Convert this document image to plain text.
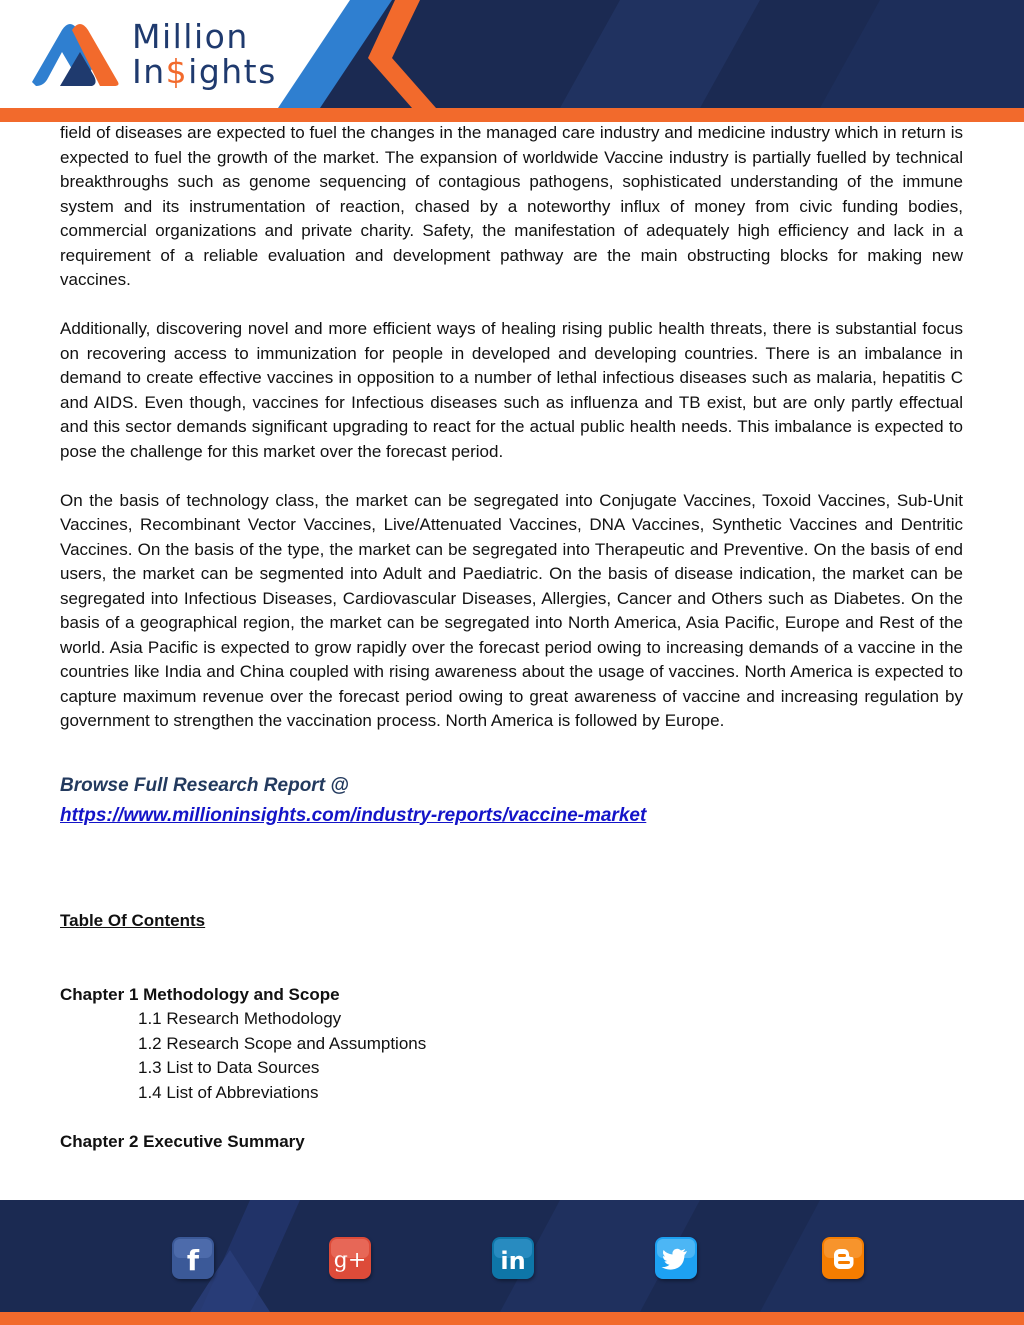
Million
In$ights

field of diseases are expected to fuel the changes in the managed care industry and medicine industry which in return is expected to fuel the growth of the market. The expansion of worldwide Vaccine industry is partially fuelled by technical breakthroughs such as genome sequencing of contagious pathogens, sophisticated understanding of the immune system and its instrumentation of reaction, chased by a noteworthy influx of money from civic funding bodies, commercial organizations and private charity. Safety, the manifestation of adequately high efficiency and lack in a requirement of a reliable evaluation and development pathway are the main obstructing blocks for making new vaccines.

Additionally, discovering novel and more efficient ways of healing rising public health threats, there is substantial focus on recovering access to immunization for people in developed and developing countries. There is an imbalance in demand to create effective vaccines in opposition to a number of lethal infectious diseases such as malaria, hepatitis C and AIDS. Even though, vaccines for Infectious diseases such as influenza and TB exist, but are only partly effectual and this sector demands significant upgrading to react for the actual public health needs. This imbalance is expected to pose the challenge for this market over the forecast period.

On the basis of technology class, the market can be segregated into Conjugate Vaccines, Toxoid Vaccines, Sub-Unit Vaccines, Recombinant Vector Vaccines, Live/Attenuated Vaccines, DNA Vaccines, Synthetic Vaccines and Dentritic Vaccines. On the basis of the type, the market can be segregated into Therapeutic and Preventive. On the basis of end users, the market can be segmented into Adult and Paediatric. On the basis of disease indication, the market can be segregated into Infectious Diseases, Cardiovascular Diseases, Allergies, Cancer and Others such as Diabetes. On the basis of a geographical region, the market can be segregated into North America, Asia Pacific, Europe and Rest of the world. Asia Pacific is expected to grow rapidly over the forecast period owing to increasing demands of a vaccine in the countries like India and China coupled with rising awareness about the usage of vaccines. North America is expected to capture maximum revenue over the forecast period owing to great awareness of vaccine and increasing regulation by government to strengthen the vaccination process. North America is followed by Europe.

Browse Full Research Report @
https://www.millioninsights.com/industry-reports/vaccine-market
Table Of Contents
Chapter 1 Methodology and Scope
1.1 Research Methodology
1.2 Research Scope and Assumptions
1.3 List to Data Sources
1.4 List of Abbreviations
Chapter 2 Executive Summary
f	g+	in
